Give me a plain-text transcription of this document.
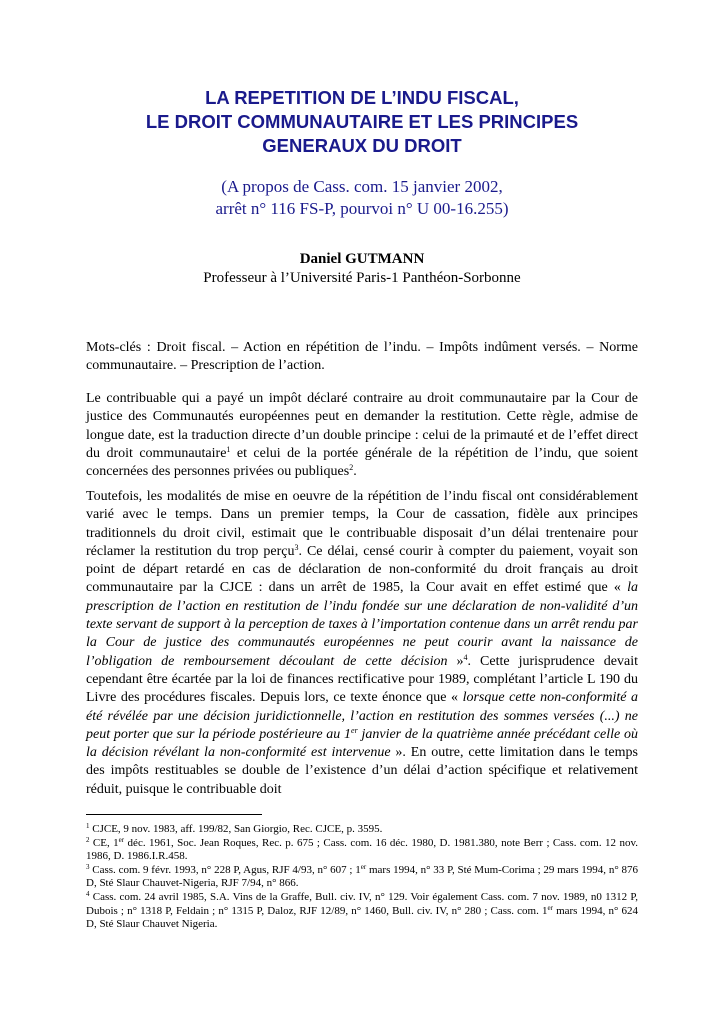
LA REPETITION DE L’INDU FISCAL,
LE DROIT COMMUNAUTAIRE ET LES PRINCIPES
GENERAUX DU DROIT
(A propos de Cass. com. 15 janvier 2002,
arrêt n° 116 FS-P, pourvoi n° U 00-16.255)
Daniel GUTMANN
Professeur à l’Université Paris-1 Panthéon-Sorbonne
Mots-clés : Droit fiscal. – Action en répétition de l’indu. – Impôts indûment versés. – Norme communautaire. – Prescription de l’action.
Le contribuable qui a payé un impôt déclaré contraire au droit communautaire par la Cour de justice des Communautés européennes peut en demander la restitution. Cette règle, admise de longue date, est la traduction directe d’un double principe : celui de la primauté et de l’effet direct du droit communautaire$^1$ et celui de la portée générale de la répétition de l’indu, que soient concernées des personnes privées ou publiques$^2$.
Toutefois, les modalités de mise en oeuvre de la répétition de l’indu fiscal ont considérablement varié avec le temps. Dans un premier temps, la Cour de cassation, fidèle aux principes traditionnels du droit civil, estimait que le contribuable disposait d’un délai trentenaire pour réclamer la restitution du trop perçu$^3$. Ce délai, censé courir à compter du paiement, voyait son point de départ retardé en cas de déclaration de non-conformité du droit français au droit communautaire par la CJCE : dans un arrêt de 1985, la Cour avait en effet estimé que « la prescription de l’action en restitution de l’indu fondée sur une déclaration de non-validité d’un texte servant de support à la perception de taxes à l’importation contenue dans un arrêt rendu par la Cour de justice des communautés européennes ne peut courir avant la naissance de l’obligation de remboursement découlant de cette décision »$^4$. Cette jurisprudence devait cependant être écartée par la loi de finances rectificative pour 1989, complétant l’article L 190 du Livre des procédures fiscales. Depuis lors, ce texte énonce que « lorsque cette non-conformité a été révélée par une décision juridictionnelle, l’action en restitution des sommes versées (...) ne peut porter que sur la période postérieure au 1er janvier de la quatrième année précédant celle où la décision révélant la non-conformité est intervenue ». En outre, cette limitation dans le temps des impôts restituables se double de l’existence d’un délai d’action spécifique et relativement réduit, puisque le contribuable doit

$^1$ CJCE, 9 nov. 1983, aff. 199/82, San Giorgio, Rec. CJCE, p. 3595.

$^2$ CE, 1er déc. 1961, Soc. Jean Roques, Rec. p. 675 ; Cass. com. 16 déc. 1980, D. 1981.380, note Berr ; Cass. com. 12 nov. 1986, D. 1986.I.R.458.

$^3$ Cass. com. 9 févr. 1993, n° 228 P, Agus, RJF 4/93, n° 607 ; 1er mars 1994, n° 33 P, Sté Mum-Corima ; 29 mars 1994, n° 876 D, Sté Slaur Chauvet-Nigeria, RJF 7/94, n° 866.

$^4$ Cass. com. 24 avril 1985, S.A. Vins de la Graffe, Bull. civ. IV, n° 129. Voir également Cass. com. 7 nov. 1989, n0 1312 P, Dubois ; n° 1318 P, Feldain ; n° 1315 P, Daloz, RJF 12/89, n° 1460, Bull. civ. IV, n° 280 ; Cass. com. 1er mars 1994, n° 624 D, Sté Slaur Chauvet Nigeria.
